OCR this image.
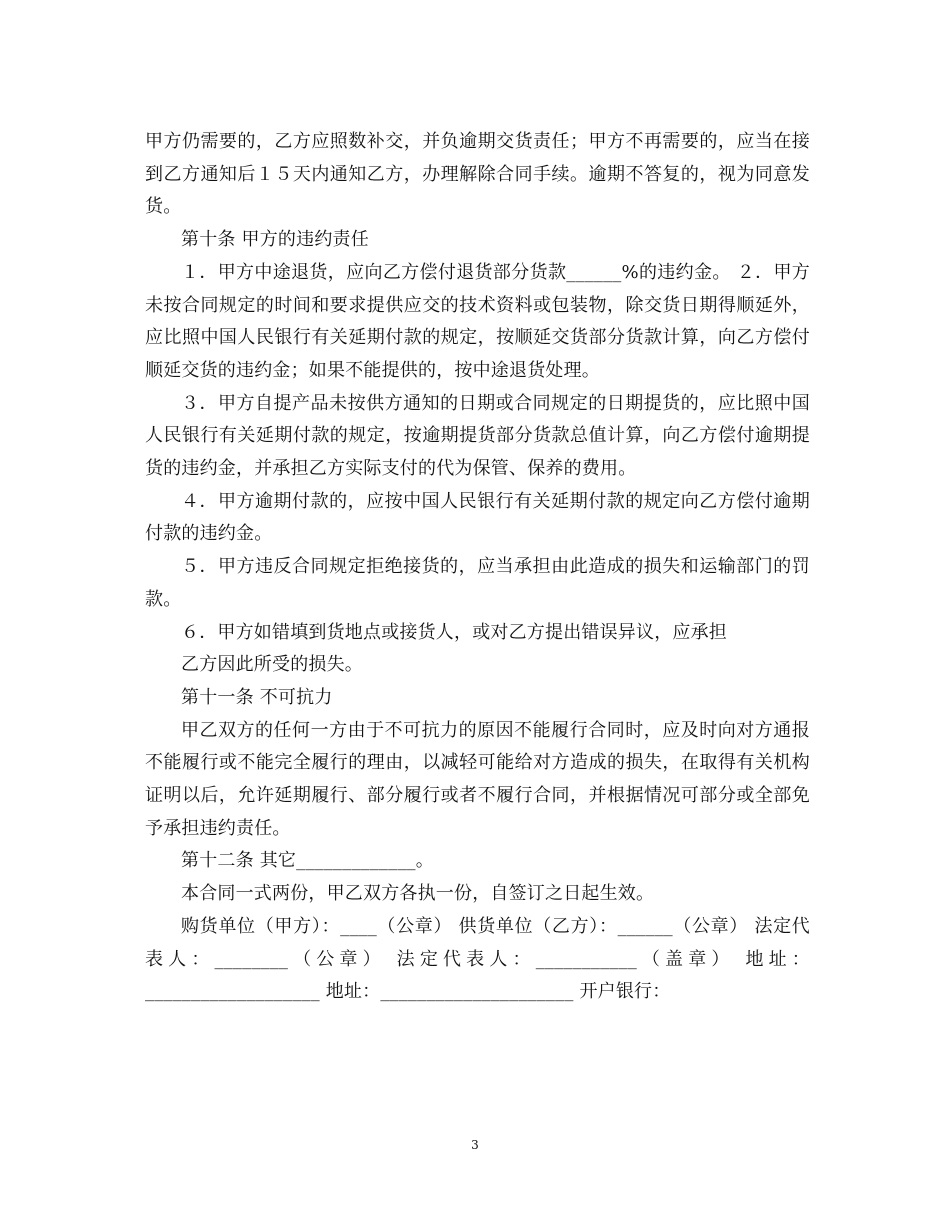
甲方仍需要的，乙方应照数补交，并负逾期交货责任；甲方不再需要的，应当在接到乙方通知后１５天内通知乙方，办理解除合同手续。逾期不答复的，视为同意发货。

第十条 甲方的违约责任

１．甲方中途退货，应向乙方偿付退货部分货款______%的违约金。 ２．甲方未按合同规定的时间和要求提供应交的技术资料或包装物，除交货日期得顺延外，应比照中国人民银行有关延期付款的规定，按顺延交货部分货款计算，向乙方偿付顺延交货的违约金；如果不能提供的，按中途退货处理。

３．甲方自提产品未按供方通知的日期或合同规定的日期提货的，应比照中国人民银行有关延期付款的规定，按逾期提货部分货款总值计算，向乙方偿付逾期提货的违约金，并承担乙方实际支付的代为保管、保养的费用。

４．甲方逾期付款的，应按中国人民银行有关延期付款的规定向乙方偿付逾期付款的违约金。

５．甲方违反合同规定拒绝接货的，应当承担由此造成的损失和运输部门的罚款。

６．甲方如错填到货地点或接货人，或对乙方提出错误异议，应承担

乙方因此所受的损失。

第十一条 不可抗力

甲乙双方的任何一方由于不可抗力的原因不能履行合同时，应及时向对方通报不能履行或不能完全履行的理由，以减轻可能给对方造成的损失，在取得有关机构证明以后，允许延期履行、部分履行或者不履行合同，并根据情况可部分或全部免予承担违约责任。

第十二条 其它_____________。

本合同一式两份，甲乙双方各执一份，自签订之日起生效。

购货单位（甲方）：____（公章） 供货单位（乙方）：______（公章） 法定代表人：________（公章） 法定代表人：___________（盖章） 地址：___________________ 地址：_____________________ 开户银行：

3
